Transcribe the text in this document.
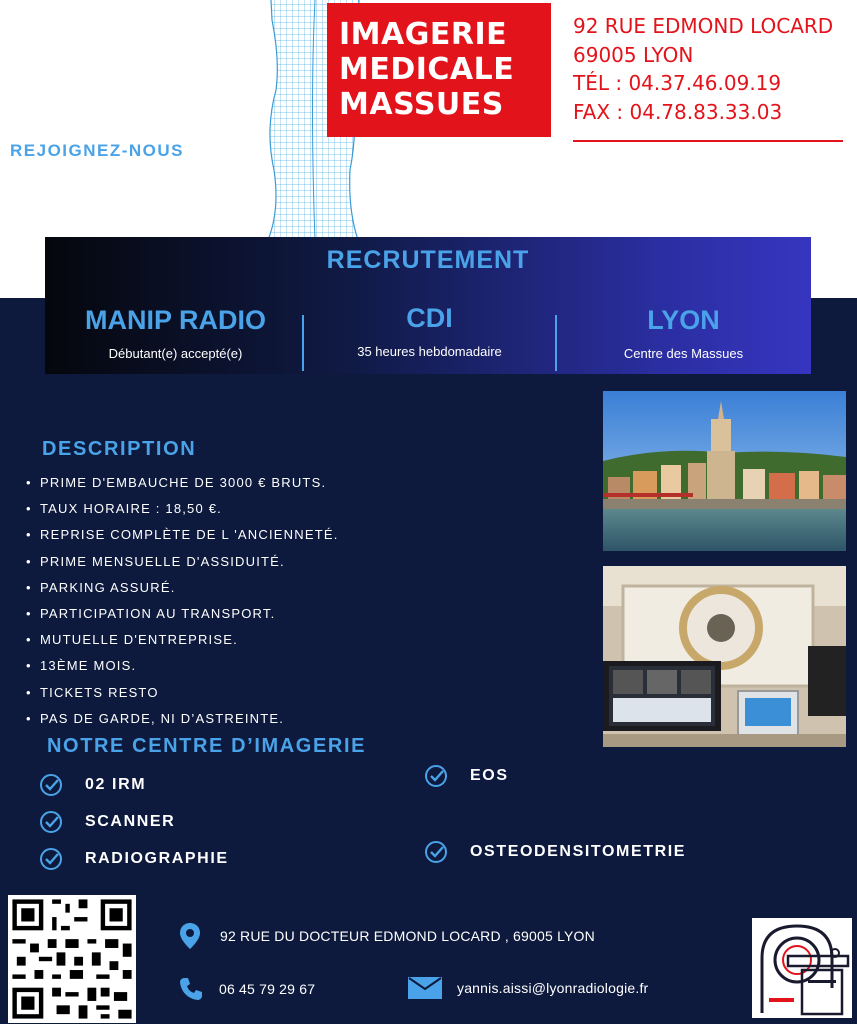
REJOIGNEZ-NOUS
IMAGERIE
MEDICALE
MASSUES
92 RUE EDMOND LOCARD
69005 LYON
TÉL : 04.37.46.09.19
FAX : 04.78.83.33.03
RECRUTEMENT
MANIP RADIO
Débutant(e) accepté(e)
CDI
35 heures hebdomadaire
LYON
Centre des Massues
DESCRIPTION
• PRIME D'EMBAUCHE DE 3000 € BRUTS.
• TAUX HORAIRE : 18,50 €.
• REPRISE COMPLÈTE DE L 'ANCIENNETÉ.
• PRIME MENSUELLE D'ASSIDUITÉ.
• PARKING ASSURÉ.
• PARTICIPATION AU TRANSPORT.
• MUTUELLE D'ENTREPRISE.
• 13ÈME MOIS.
• TICKETS RESTO
• PAS DE GARDE, NI D’ASTREINTE.
NOTRE CENTRE D’IMAGERIE
02 IRM
SCANNER
RADIOGRAPHIE
EOS
OSTEODENSITOMETRIE
92 RUE DU DOCTEUR EDMOND LOCARD , 69005 LYON
06 45 79 29 67	yannis.aissi@lyonradiologie.fr
